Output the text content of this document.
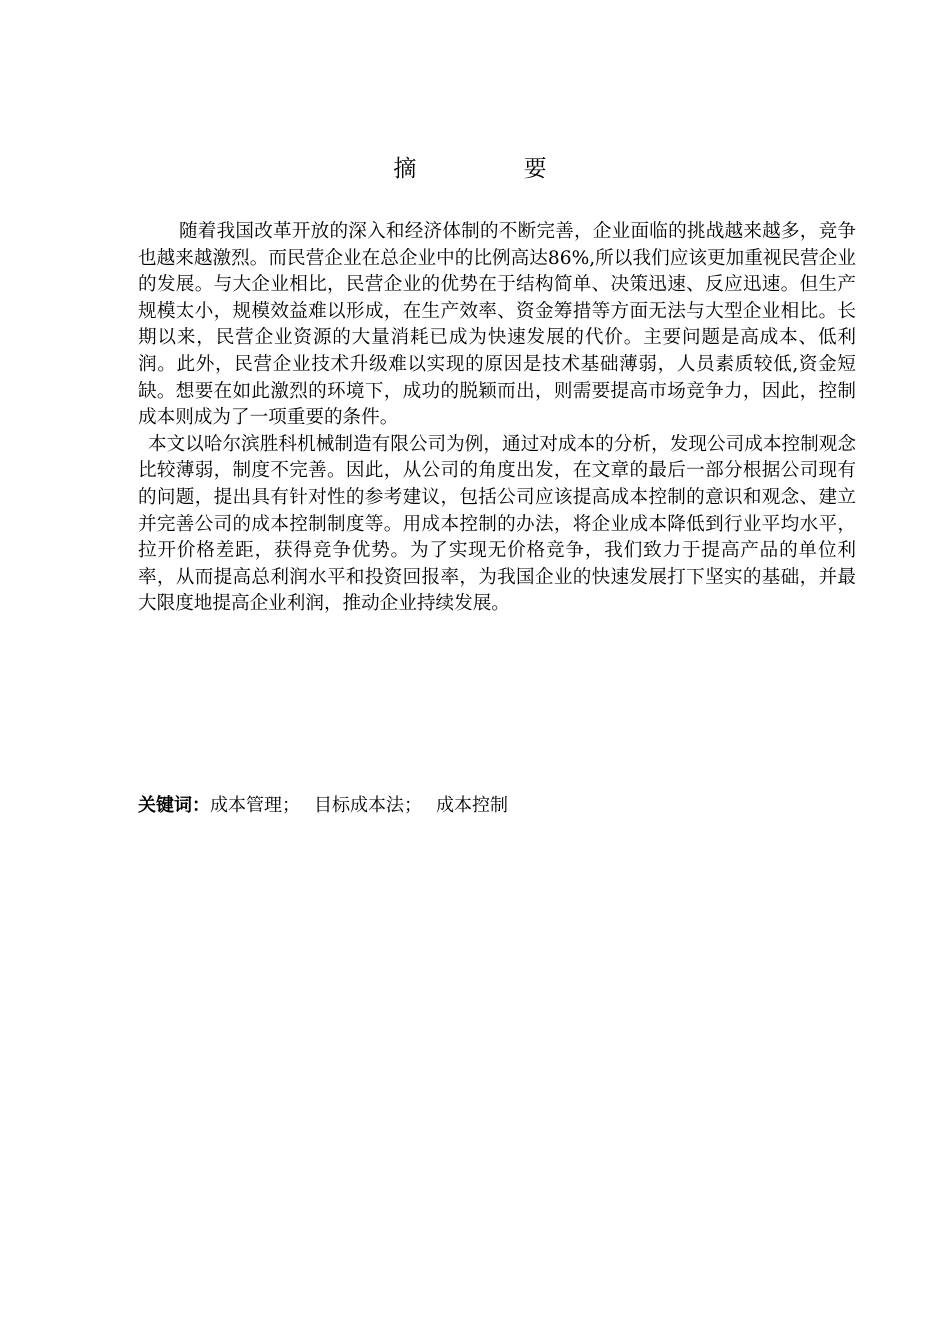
摘 要

随着我国改革开放的深入和经济体制的不断完善，企业面临的挑战越来越多，竞争也越来越激烈。而民营企业在总企业中的比例高达86%,所以我们应该更加重视民营企业的发展。与大企业相比，民营企业的优势在于结构简单、决策迅速、反应迅速。但生产规模太小，规模效益难以形成，在生产效率、资金筹措等方面无法与大型企业相比。长期以来，民营企业资源的大量消耗已成为快速发展的代价。主要问题是高成本、低利润。此外，民营企业技术升级难以实现的原因是技术基础薄弱，人员素质较低,资金短缺。想要在如此激烈的环境下，成功的脱颖而出，则需要提高市场竞争力，因此，控制成本则成为了一项重要的条件。

本文以哈尔滨胜科机械制造有限公司为例，通过对成本的分析，发现公司成本控制观念比较薄弱，制度不完善。因此，从公司的角度出发，在文章的最后一部分根据公司现有的问题，提出具有针对性的参考建议，包括公司应该提高成本控制的意识和观念、建立并完善公司的成本控制制度等。用成本控制的办法，将企业成本降低到行业平均水平，拉开价格差距，获得竞争优势。为了实现无价格竞争，我们致力于提高产品的单位利率，从而提高总利润水平和投资回报率，为我国企业的快速发展打下坚实的基础，并最大限度地提高企业利润，推动企业持续发展。

关键词：成本管理； 目标成本法； 成本控制
